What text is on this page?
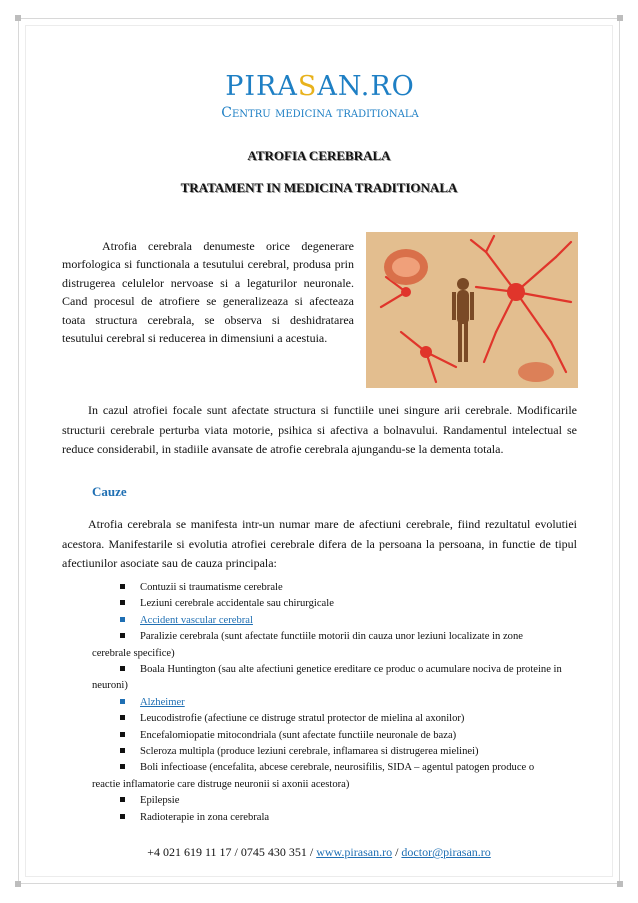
PIRASAN.RO
Centru medicina traditionala
ATROFIA CEREBRALA
TRATAMENT IN MEDICINA TRADITIONALA

Atrofia cerebrala denumeste orice degenerare morfologica si functionala a tesutului cerebral, produsa prin distrugerea celulelor nervoase si a legaturilor neuronale. Cand procesul de atrofiere se generalizeaza si afecteaza toata structura cerebrala, se observa si deshidratarea tesutului cerebral si reducerea in dimensiuni a acestuia.

In cazul atrofiei focale sunt afectate structura si functiile unei singure arii cerebrale. Modificarile structurii cerebrale perturba viata motorie, psihica si afectiva a bolnavului. Randamentul intelectual se reduce considerabil, in stadiile avansate de atrofie cerebrala ajungandu-se la dementa totala.

Cauze

Atrofia cerebrala se manifesta intr-un numar mare de afectiuni cerebrale, fiind rezultatul evolutiei acestora. Manifestarile si evolutia atrofiei cerebrale difera de la persoana la persoana, in functie de tipul afectiunilor asociate sau de cauza principala:

Contuzii si traumatisme cerebrale
Leziuni cerebrale accidentale sau chirurgicale
Accident vascular cerebral
Paralizie cerebrala (sunt afectate functiile motorii din cauza unor leziuni localizate in zone cerebrale specifice)
Boala Huntington (sau alte afectiuni genetice ereditare ce produc o acumulare nociva de proteine in neuroni)
Alzheimer
Leucodistrofie (afectiune ce distruge stratul protector de mielina al axonilor)
Encefalomiopatie mitocondriala (sunt afectate functiile neuronale de baza)
Scleroza multipla (produce leziuni cerebrale, inflamarea si distrugerea mielinei)
Boli infectioase (encefalita, abcese cerebrale, neurosifilis, SIDA – agentul patogen produce o reactie inflamatorie care distruge neuronii si axonii acestora)
Epilepsie
Radioterapie in zona cerebrala
+4 021 619 11 17 / 0745 430 351 / www.pirasan.ro / doctor@pirasan.ro
